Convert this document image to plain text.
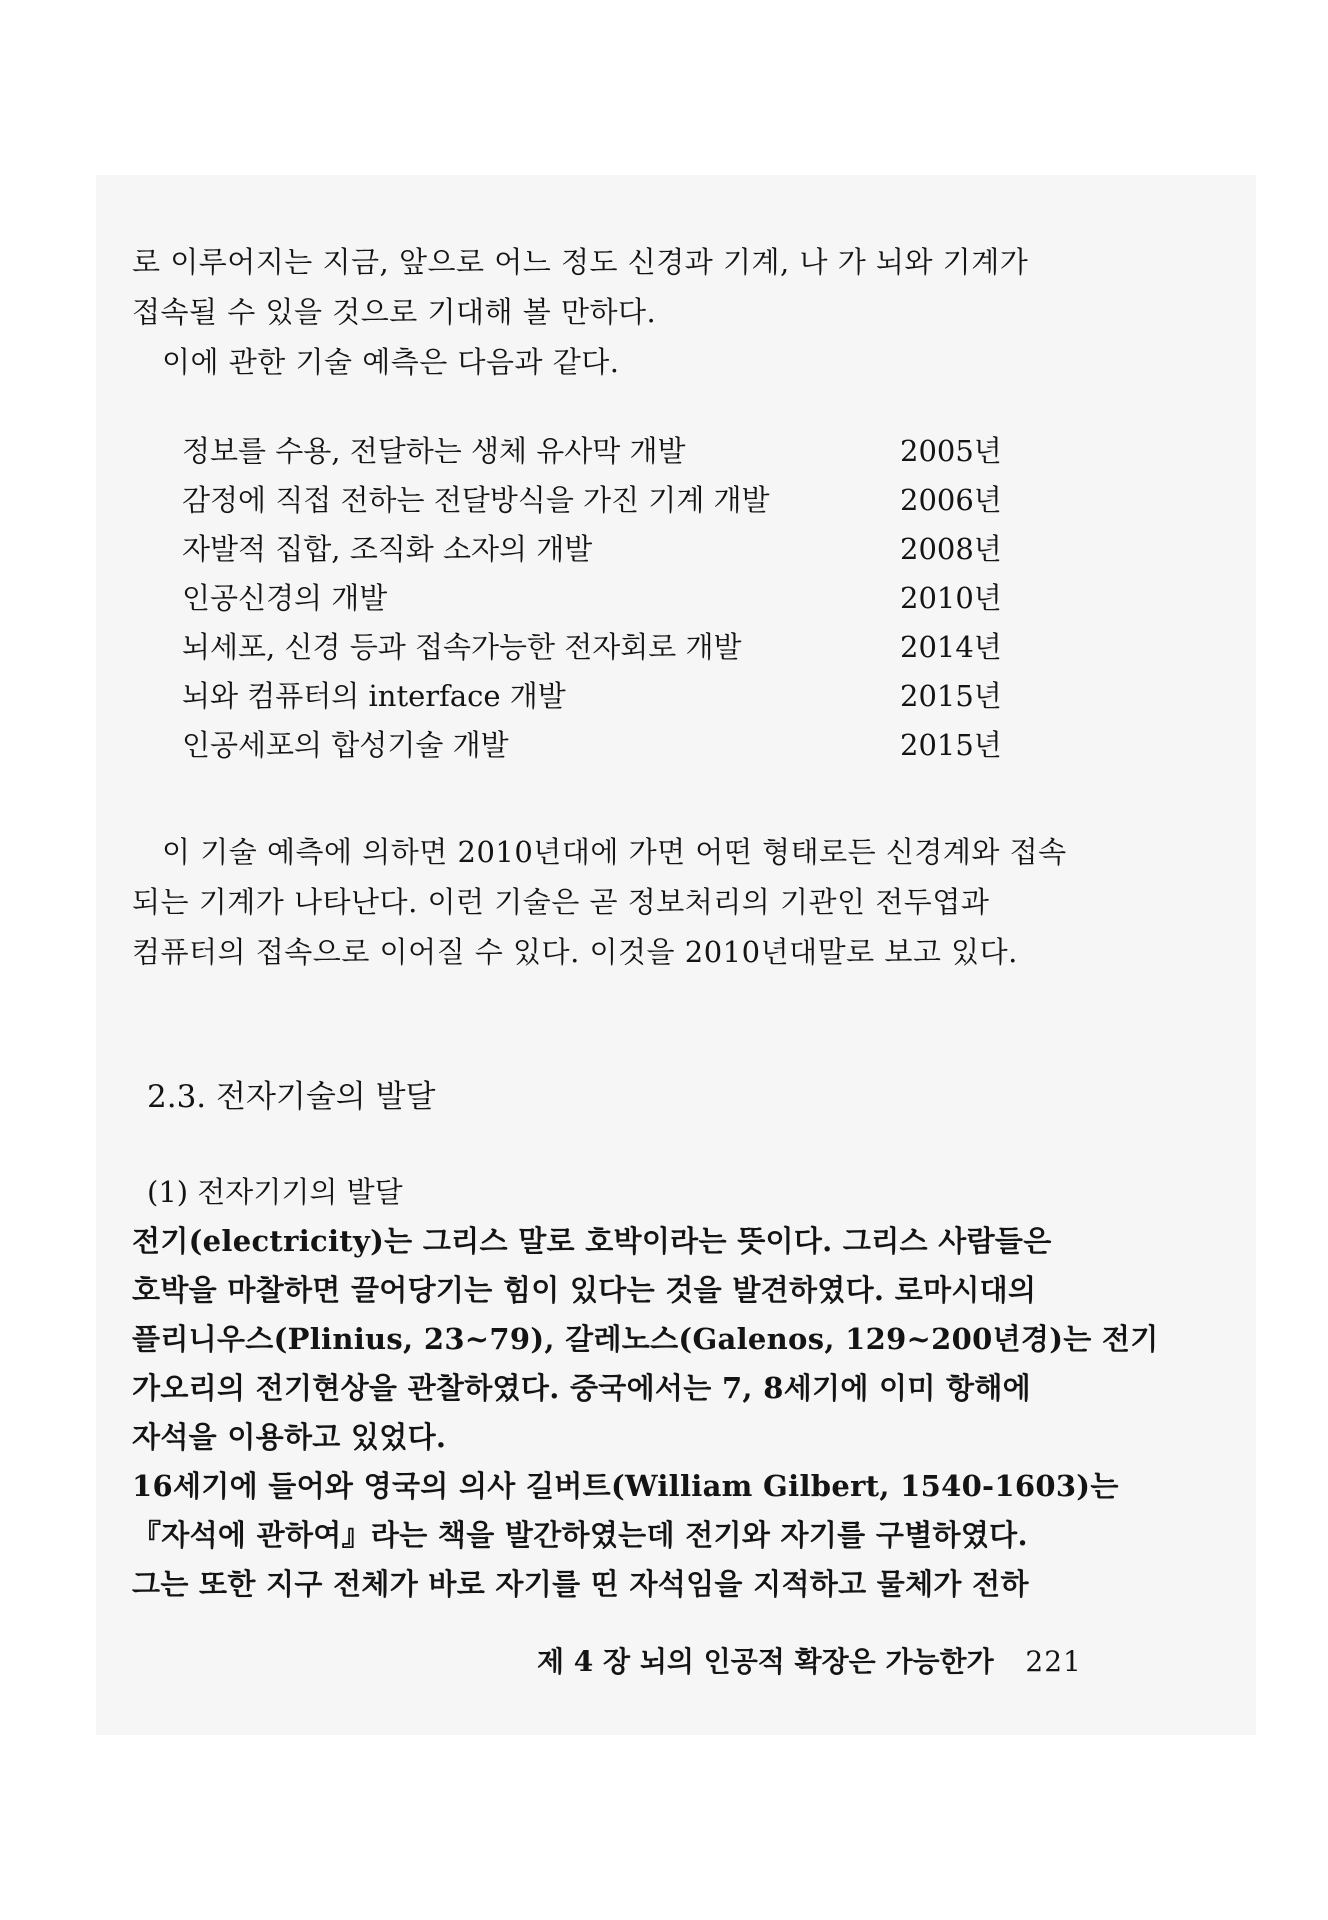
로 이루어지는 지금, 앞으로 어느 정도 신경과 기계, 나 가 뇌와 기계가
접속될 수 있을 것으로 기대해 볼 만하다.
이에 관한 기술 예측은 다음과 같다.
정보를 수용, 전달하는 생체 유사막 개발	2005년
감정에 직접 전하는 전달방식을 가진 기계 개발	2006년
자발적 집합, 조직화 소자의 개발	2008년
인공신경의 개발	2010년
뇌세포, 신경 등과 접속가능한 전자회로 개발	2014년
뇌와 컴퓨터의 interface 개발	2015년
인공세포의 합성기술 개발	2015년
이 기술 예측에 의하면 2010년대에 가면 어떤 형태로든 신경계와 접속
되는 기계가 나타난다. 이런 기술은 곧 정보처리의 기관인 전두엽과
컴퓨터의 접속으로 이어질 수 있다. 이것을 2010년대말로 보고 있다.
2.3. 전자기술의 발달
(1) 전자기기의 발달
전기(electricity)는 그리스 말로 호박이라는 뜻이다. 그리스 사람들은
호박을 마찰하면 끌어당기는 힘이 있다는 것을 발견하였다. 로마시대의
플리니우스(Plinius, 23~79), 갈레노스(Galenos, 129~200년경)는 전기
가오리의 전기현상을 관찰하였다. 중국에서는 7, 8세기에 이미 항해에
자석을 이용하고 있었다.
16세기에 들어와 영국의 의사 길버트(William Gilbert, 1540-1603)는
『자석에 관하여』라는 책을 발간하였는데 전기와 자기를 구별하였다.
그는 또한 지구 전체가 바로 자기를 띤 자석임을 지적하고 물체가 전하
제 4 장 뇌의 인공적 확장은 가능한가 221
